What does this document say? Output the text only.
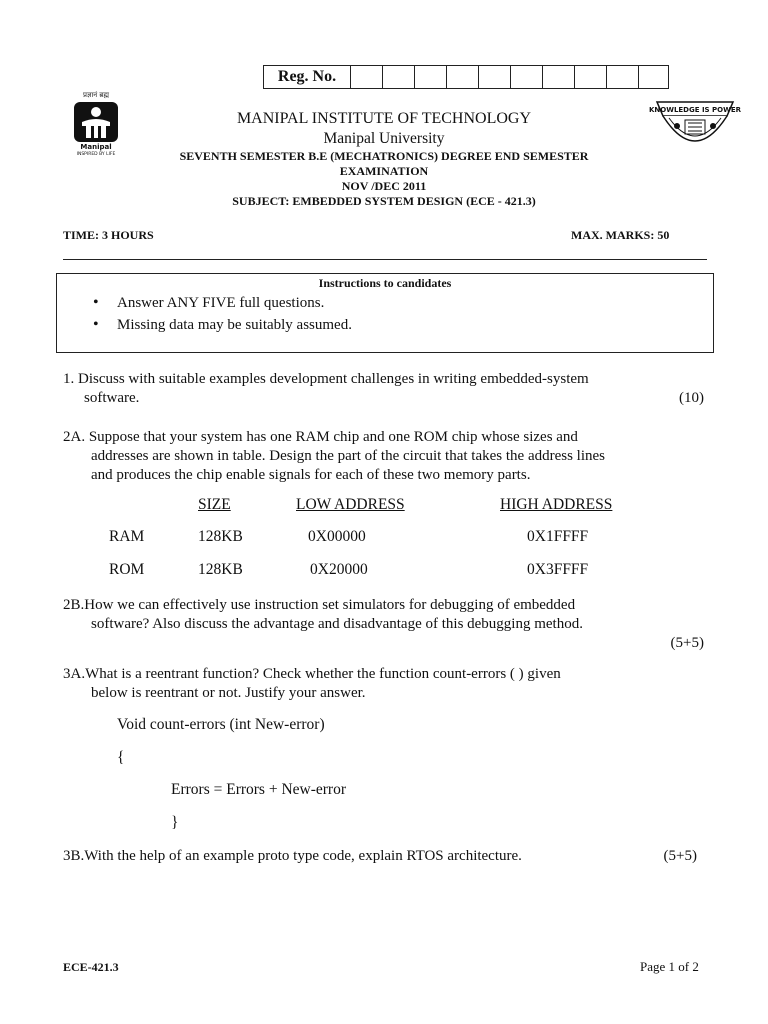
Reg. No.
प्रज्ञानं ब्रह्म
Manipal
INSPIRED BY LIFE
KNOWLEDGE IS POWER
MANIPAL INSTITUTE OF TECHNOLOGY
Manipal University
SEVENTH SEMESTER B.E (MECHATRONICS) DEGREE END SEMESTER
EXAMINATION
NOV /DEC 2011
SUBJECT: EMBEDDED SYSTEM DESIGN (ECE - 421.3)
TIME: 3 HOURS	MAX. MARKS: 50
Instructions to candidates
• Answer ANY FIVE full questions.
• Missing data may be suitably assumed.
1. Discuss with suitable examples development challenges in writing embedded-system
software.	(10)
2A. Suppose that your system has one RAM chip and one ROM chip whose sizes and
addresses are shown in table. Design the part of the circuit that takes the address lines
and produces the chip enable signals for each of these two memory parts.
	SIZE	LOW ADDRESS	HIGH ADDRESS
RAM	128KB	0X00000	0X1FFFF
ROM	128KB	0X20000	0X3FFFF
2B.How we can effectively use instruction set simulators for debugging of embedded
software? Also discuss the advantage and disadvantage of this debugging method.
(5+5)
3A.What is a reentrant function? Check whether the function count-errors ( ) given
below is reentrant or not. Justify your answer.
Void count-errors (int New-error)
{
Errors = Errors + New-error
}
3B.With the help of an example proto type code, explain RTOS architecture.	(5+5)
ECE-421.3	Page 1 of 2
